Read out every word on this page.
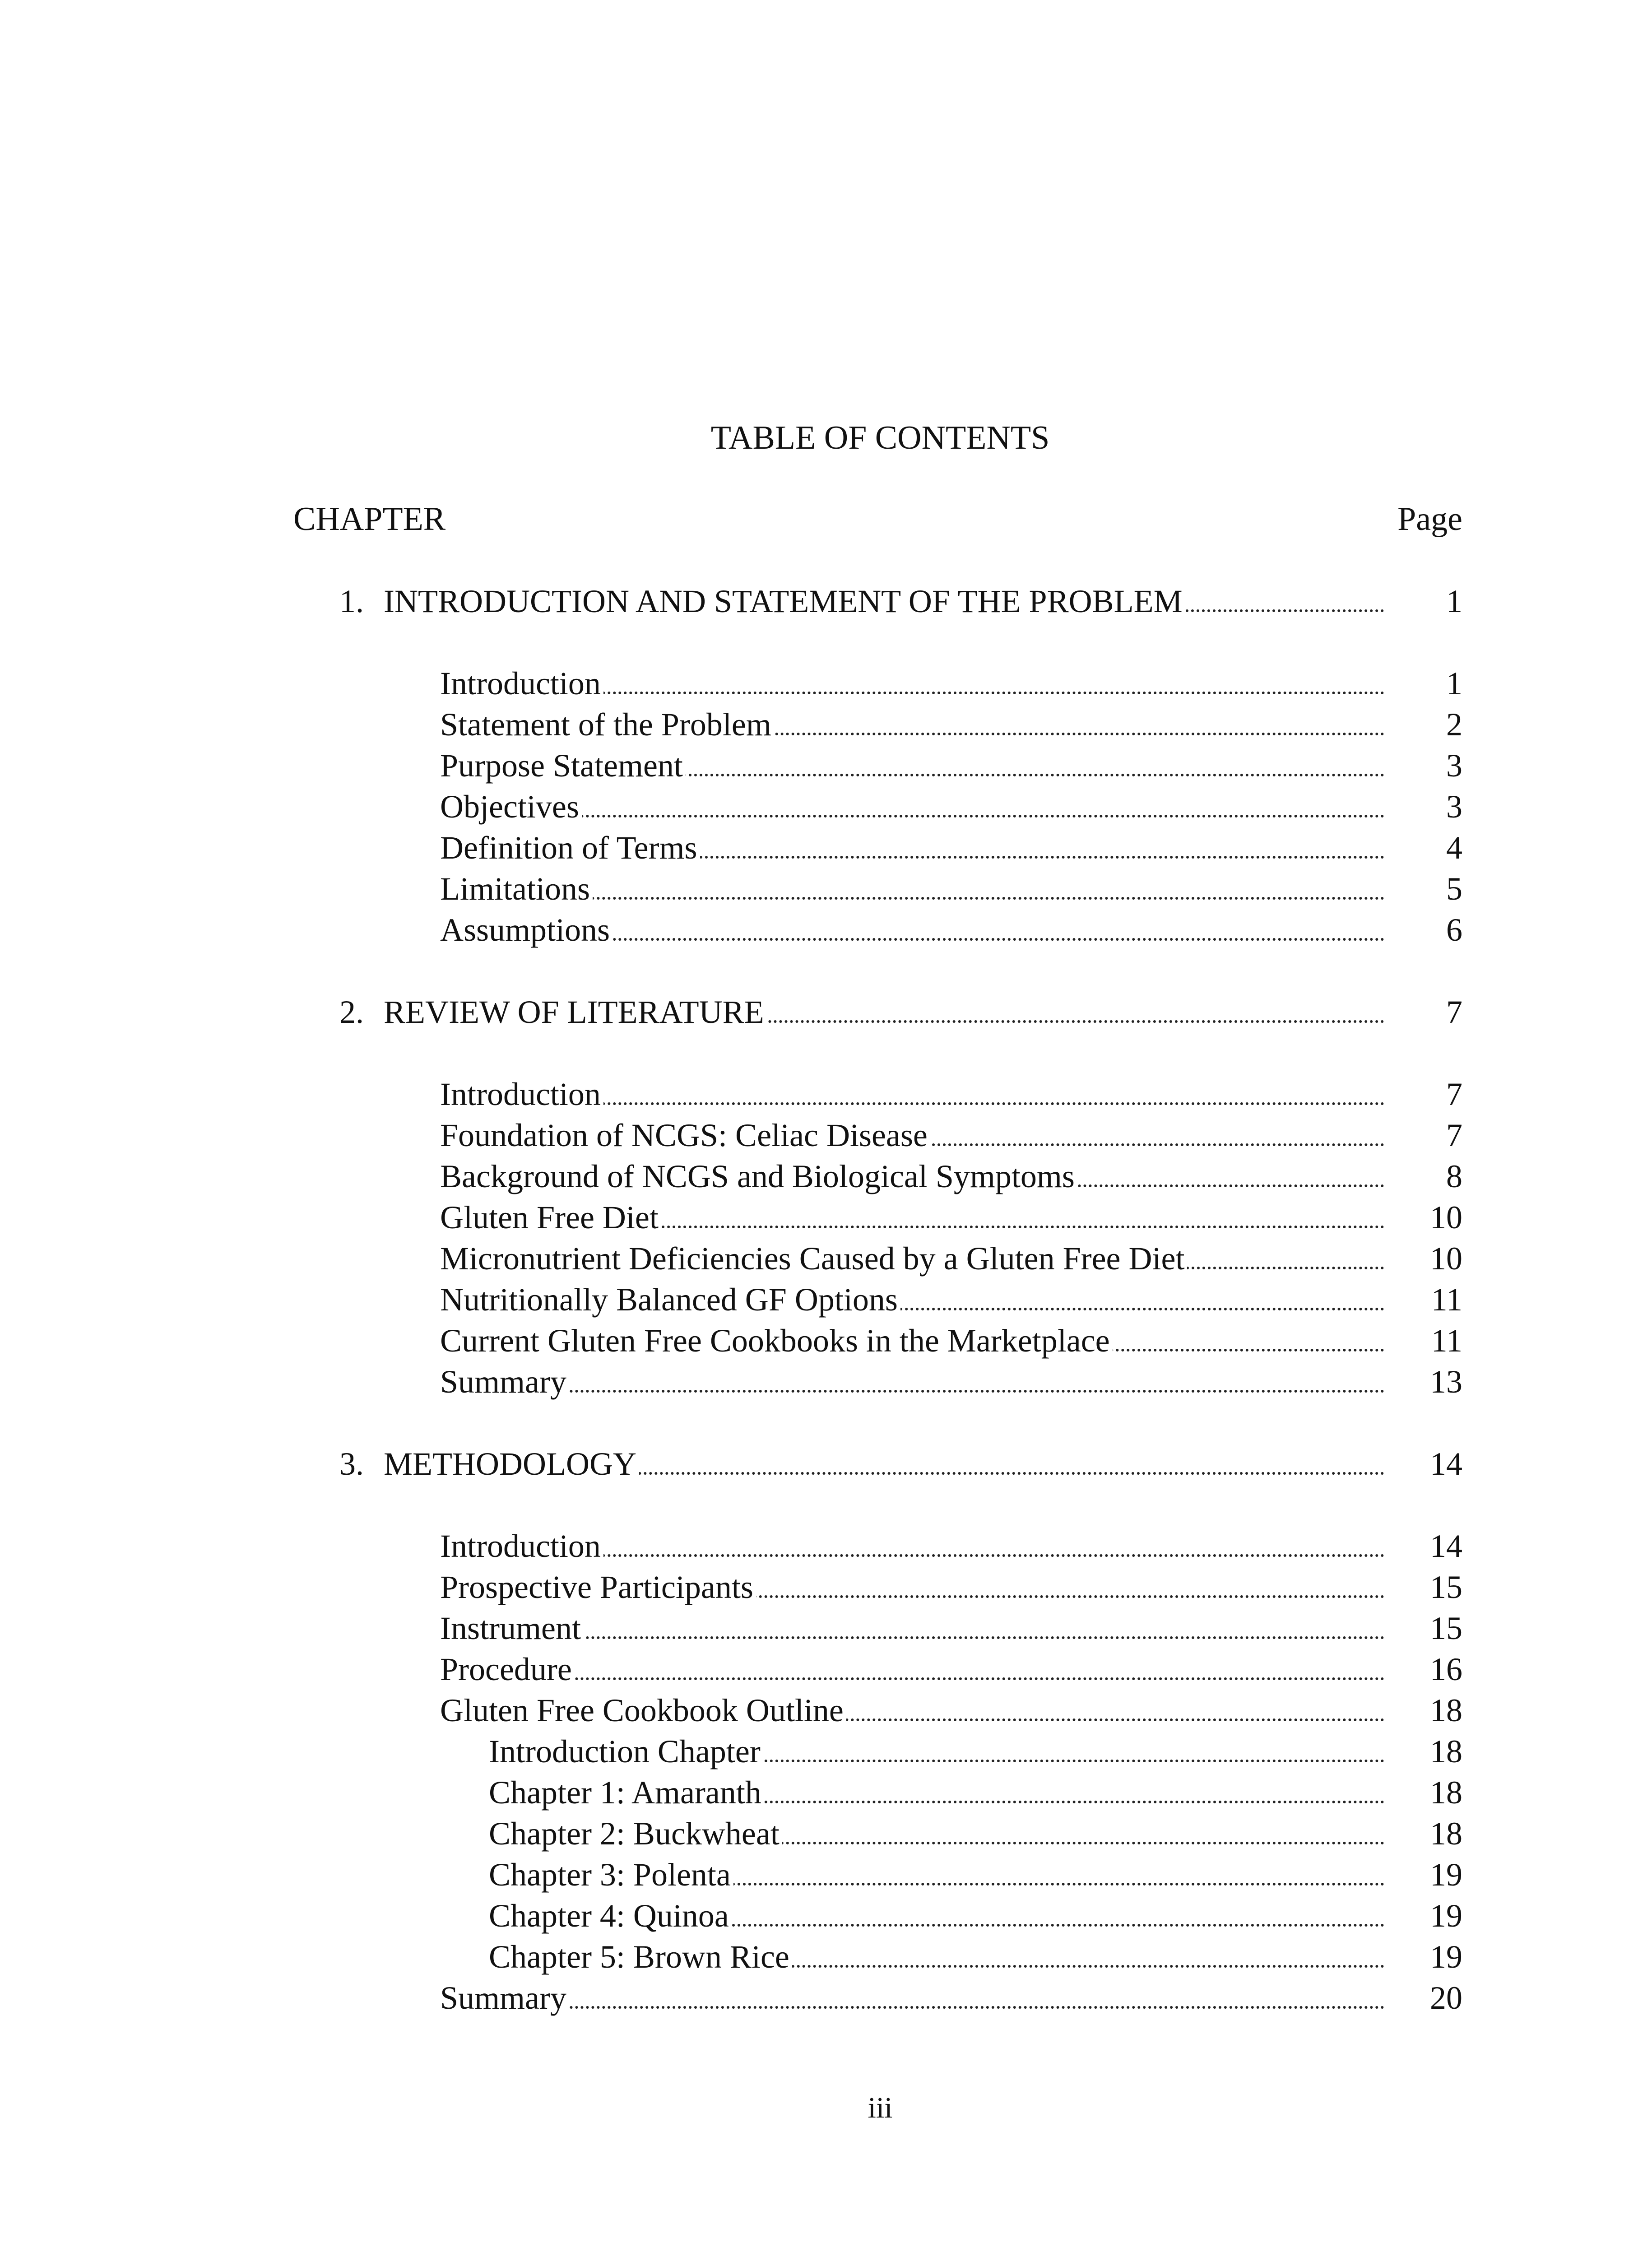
TABLE OF CONTENTS
CHAPTER	Page
1. INTRODUCTION AND STATEMENT OF THE PROBLEM	1
Introduction	1
Statement of the Problem	2
Purpose Statement	3
Objectives	3
Definition of Terms	4
Limitations	5
Assumptions	6
2. REVIEW OF LITERATURE	7
Introduction	7
Foundation of NCGS: Celiac Disease	7
Background of NCGS and Biological Symptoms	8
Gluten Free Diet	10
Micronutrient Deficiencies Caused by a Gluten Free Diet	10
Nutritionally Balanced GF Options	11
Current Gluten Free Cookbooks in the Marketplace	11
Summary	13
3. METHODOLOGY	14
Introduction	14
Prospective Participants	15
Instrument	15
Procedure	16
Gluten Free Cookbook Outline	18
Introduction Chapter	18
Chapter 1: Amaranth	18
Chapter 2: Buckwheat	18
Chapter 3: Polenta	19
Chapter 4: Quinoa	19
Chapter 5: Brown Rice	19
Summary	20
iii
